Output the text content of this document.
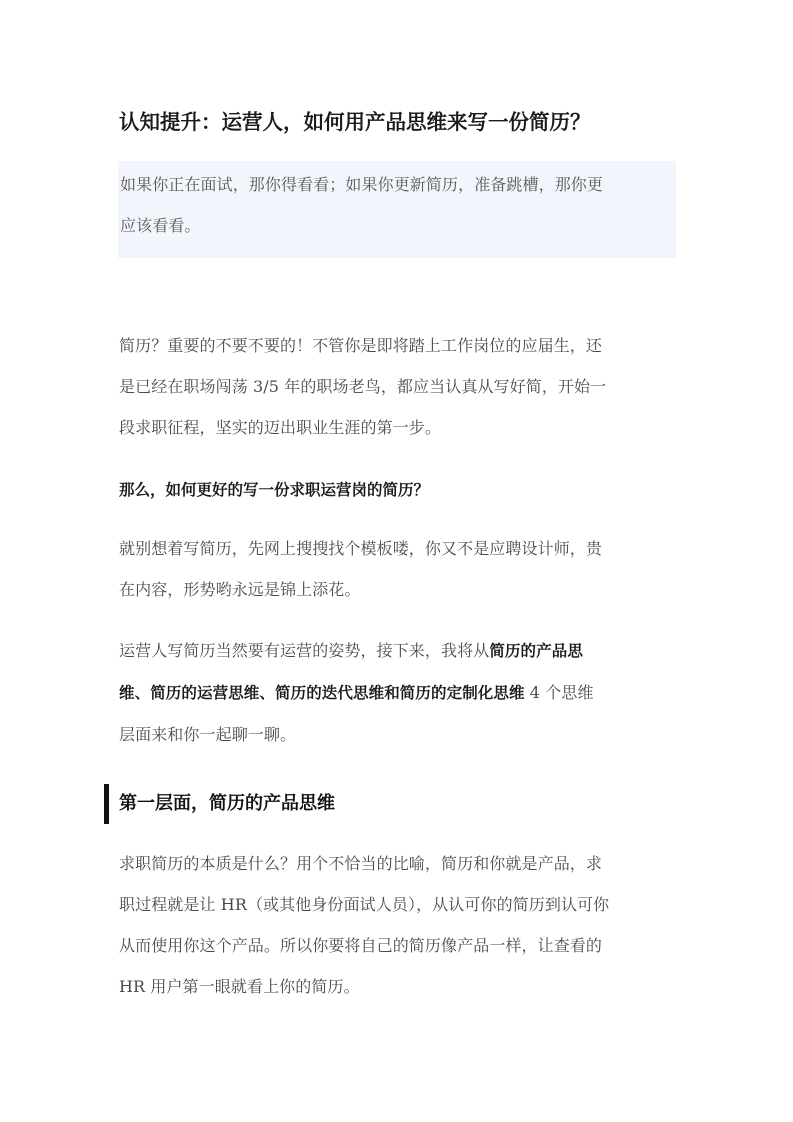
认知提升：运营人，如何用产品思维来写一份简历？

如果你正在面试，那你得看看；如果你更新简历，准备跳槽，那你更

应该看看。

简历？重要的不要不要的！不管你是即将踏上工作岗位的应届生，还
是已经在职场闯荡 3/5 年的职场老鸟，都应当认真从写好简，开始一
段求职征程，坚实的迈出职业生涯的第一步。
那么，如何更好的写一份求职运营岗的简历？
就别想着写简历，先网上搜搜找个模板喽，你又不是应聘设计师，贵
在内容，形势哟永远是锦上添花。
运营人写简历当然要有运营的姿势，接下来，我将从简历的产品思
维、简历的运营思维、简历的迭代思维和简历的定制化思维 4 个思维
层面来和你一起聊一聊。
第一层面，简历的产品思维
求职简历的本质是什么？用个不恰当的比喻，简历和你就是产品，求
职过程就是让 HR（或其他身份面试人员），从认可你的简历到认可你
从而使用你这个产品。所以你要将自己的简历像产品一样，让查看的
HR 用户第一眼就看上你的简历。
